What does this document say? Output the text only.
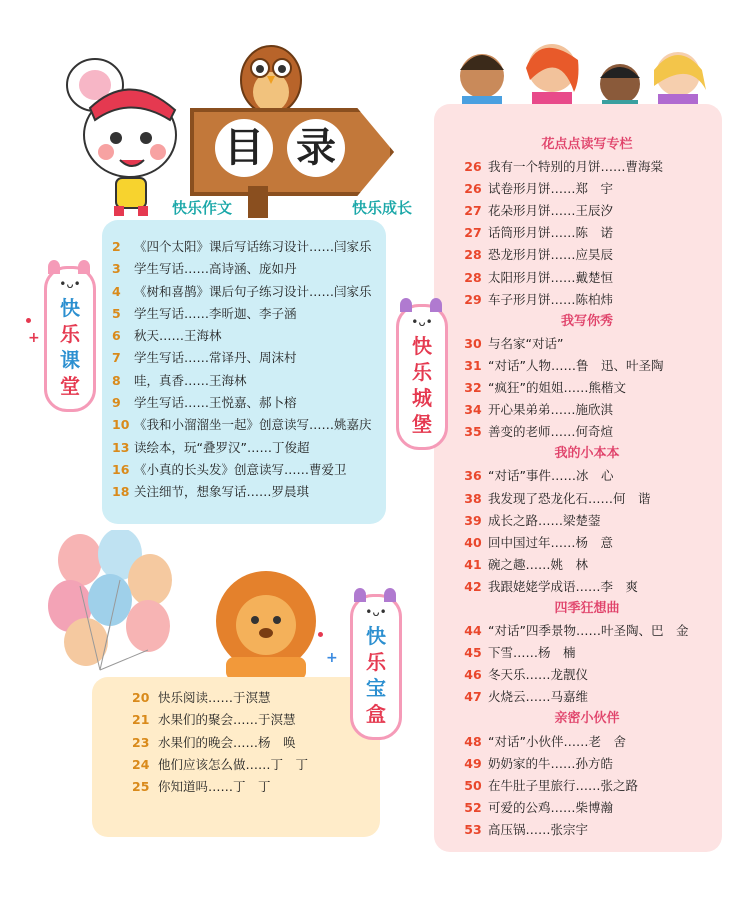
目 录
快乐作文	快乐成长
+
+
2	《四个太阳》课后写话练习设计……闫家乐
3	学生写话……高诗涵、庞如丹
4	《树和喜鹊》课后句子练习设计……闫家乐
5	学生写话……李昕迦、李子涵
6	秋天……王海林
7	学生写话……常译丹、周沫村
8	哇，真香……王海林
9	学生写话……王悦嘉、郝卜榕
10 《我和小溜溜坐一起》创意读写……姚嘉庆
13 读绘本，玩“叠罗汉”……丁俊超
16 《小真的长头发》创意读写……曹爱卫
18 关注细节，想象写话……罗晨琪
20 快乐阅读……于溟慧
21 水果们的聚会……于溟慧
23 水果们的晚会……杨　唤
24 他们应该怎么做……丁　丁
25 你知道吗……丁　丁
花点点读写专栏
26 我有一个特别的月饼……曹海棠
26 试卷形月饼……郑　宇
27 花朵形月饼……王辰汐
27 话筒形月饼……陈　诺
28 恐龙形月饼……应昊辰
28 太阳形月饼……戴楚恒
29 车子形月饼……陈柏炜
我写你秀
30 与名家“对话”
31 “对话”人物……鲁　迅、叶圣陶
32 “疯狂”的姐姐……熊楷文
34 开心果弟弟……施欣淇
35 善变的老师……何奇煊
我的小本本
36 “对话”事件……冰　心
38 我发现了恐龙化石……何　谐
39 成长之路……梁楚蓥
40 回中国过年……杨　意
41 碗之趣……姚　林
42 我跟姥姥学成语……李　爽
四季狂想曲
44 “对话”四季景物……叶圣陶、巴　金
45 下雪……杨　楠
46 冬天乐……龙靓仪
47 火烧云……马嘉维
亲密小伙伴
48 “对话”小伙伴……老　舍
49 奶奶家的牛……孙方皓
50 在牛肚子里旅行……张之路
52 可爱的公鸡……柴博瀚
53 高压锅……张宗宇
•ᴗ•
快
乐
课
堂
•ᴗ•
快
乐
城
堡
•ᴗ•
快
乐
宝
盒
